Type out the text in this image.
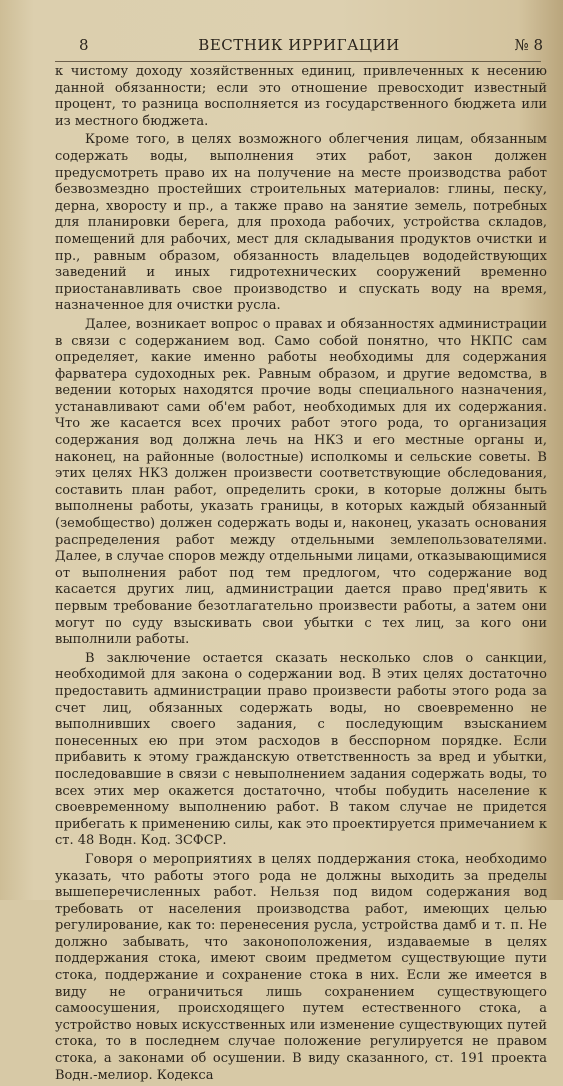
8	ВЕСТНИК ИРРИГАЦИИ	№ 8

к чистому доходу хозяйственных единиц, привлеченных к несению данной обязанности; если это отношение превосходит известный процент, то разница восполняется из государственного бюджета или из местного бюджета.

Кроме того, в целях возможного облегчения лицам, обязанным содержать воды, выполнения этих работ, закон должен предусмотреть право их на получение на месте производства работ безвозмездно простейших строительных материалов: глины, песку, дерна, хворосту и пр., а также право на занятие земель, потребных для планировки берега, для прохода рабочих, устройства складов, помещений для рабочих, мест для складывания продуктов очистки и пр., равным образом, обязанность владельцев вододействующих заведений и иных гидротехнических сооружений временно приостанавливать свое производство и спускать воду на время, назначенное для очистки русла.

Далее, возникает вопрос о правах и обязанностях администрации в связи с содержанием вод. Само собой понятно, что НКПС сам определяет, какие именно работы необходимы для содержания фарватера судоходных рек. Равным образом, и другие ведомства, в ведении которых находятся прочие воды специального назначения, устанавливают сами об'ем работ, необходимых для их содержания. Что же касается всех прочих работ этого рода, то организация содержания вод должна лечь на НКЗ и его местные органы и, наконец, на районные (волостные) исполкомы и сельские советы. В этих целях НКЗ должен произвести соответствующие обследования, составить план работ, определить сроки, в которые должны быть выполнены работы, указать границы, в которых каждый обязанный (земобщество) должен содержать воды и, наконец, указать основания распределения работ между отдельными землепользователями. Далее, в случае споров между отдельными лицами, отказывающимися от выполнения работ под тем предлогом, что содержание вод касается других лиц, администрации дается право пред'явить к первым требование безотлагательно произвести работы, а затем они могут по суду взыскивать свои убытки с тех лиц, за кого они выполнили работы.

В заключение остается сказать несколько слов о санкции, необходимой для закона о содержании вод. В этих целях достаточно предоставить администрации право произвести работы этого рода за счет лиц, обязанных содержать воды, но своевременно не выполнивших своего задания, с последующим взысканием понесенных ею при этом расходов в бесспорном порядке. Если прибавить к этому гражданскую ответственность за вред и убытки, последовавшие в связи с невыполнением задания содержать воды, то всех этих мер окажется достаточно, чтобы побудить население к своевременному выполнению работ. В таком случае не придется прибегать к применению силы, как это проектируется примечанием к ст. 48 Водн. Код. ЗСФСР.

Говоря о мероприятиях в целях поддержания стока, необходимо указать, что работы этого рода не должны выходить за пределы вышеперечисленных работ. Нельзя под видом содержания вод требовать от населения производства работ, имеющих целью регулирование, как то: перенесения русла, устройства дамб и т. п. Не должно забывать, что законоположения, издаваемые в целях поддержания стока, имеют своим предметом существующие пути стока, поддержание и сохранение стока в них. Если же имеется в виду не ограничиться лишь сохранением существующего самоосушения, происходящего путем естественного стока, а устройство новых искусственных или изменение существующих путей стока, то в последнем случае положение регулируется не правом стока, а законами об осушении. В виду сказанного, ст. 191 проекта Водн.-мелиор. Кодекса
